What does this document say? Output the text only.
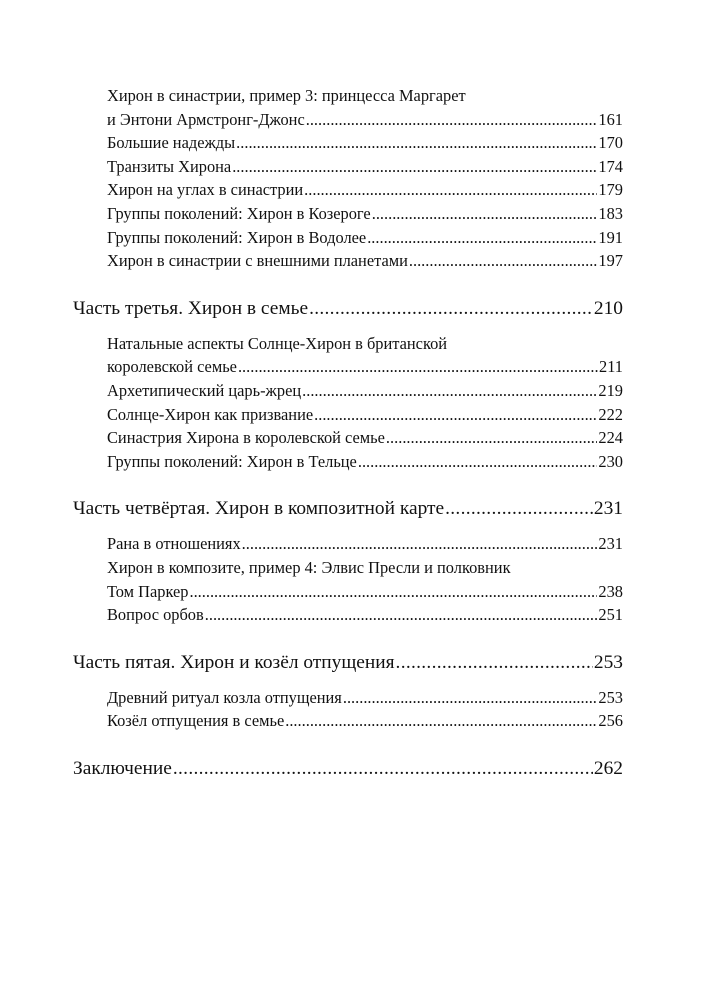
Хирон в синастрии, пример 3: принцесса Маргарет
и Энтони Армстронг-Джонс .....	161
Большие надежды .....	170
Транзиты Хирона .....	174
Хирон на углах в синастрии .....	179
Группы поколений: Хирон в Козероге .....	183
Группы поколений: Хирон в Водолее .....	191
Хирон в синастрии с внешними планетами .....	197
Часть третья. Хирон в семье .....	210
Натальные аспекты Солнце-Хирон в британской
королевской семье .....	211
Архетипический царь-жрец .....	219
Солнце-Хирон как призвание .....	222
Синастрия Хирона в королевской семье .....	224
Группы поколений: Хирон в Тельце .....	230
Часть четвёртая. Хирон в композитной карте .....	231
Рана в отношениях .....	231
Хирон в композите, пример 4: Элвис Пресли и полковник
Том Паркер .....	238
Вопрос орбов .....	251
Часть пятая. Хирон и козёл отпущения .....	253
Древний ритуал козла отпущения .....	253
Козёл отпущения в семье .....	256
Заключение .....	262
